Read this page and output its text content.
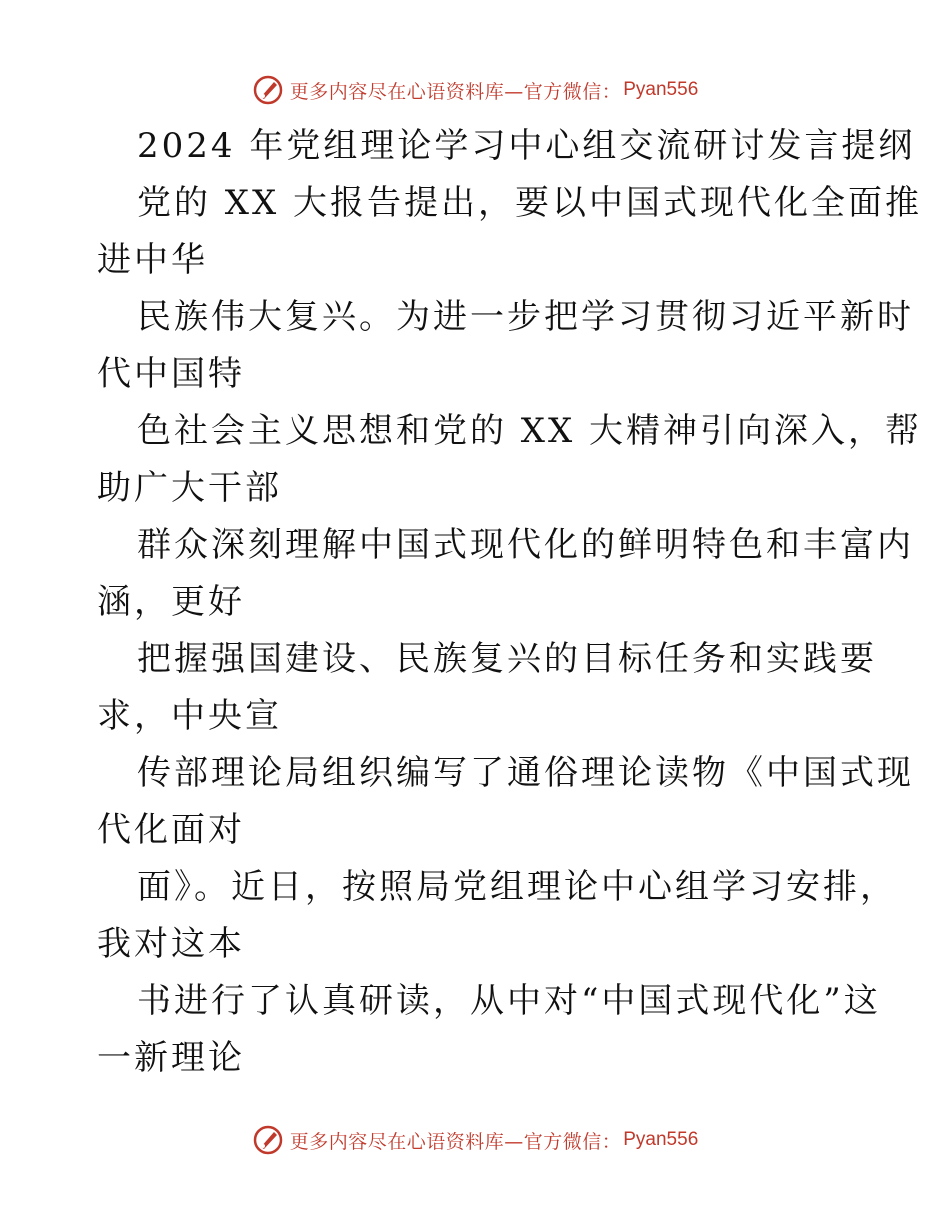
更多内容尽在心语资料库—官方微信： Pyan556
2024 年党组理论学习中心组交流研讨发言提纲
党的 XX 大报告提出，要以中国式现代化全面推
进中华
民族伟大复兴。为进一步把学习贯彻习近平新时
代中国特
色社会主义思想和党的 XX 大精神引向深入，帮
助广大干部
群众深刻理解中国式现代化的鲜明特色和丰富内
涵，更好
把握强国建设、民族复兴的目标任务和实践要
求，中央宣
传部理论局组织编写了通俗理论读物《中国式现
代化面对
面》。近日，按照局党组理论中心组学习安排，
我对这本
书进行了认真研读，从中对“中国式现代化”这
一新理论
更多内容尽在心语资料库—官方微信： Pyan556
